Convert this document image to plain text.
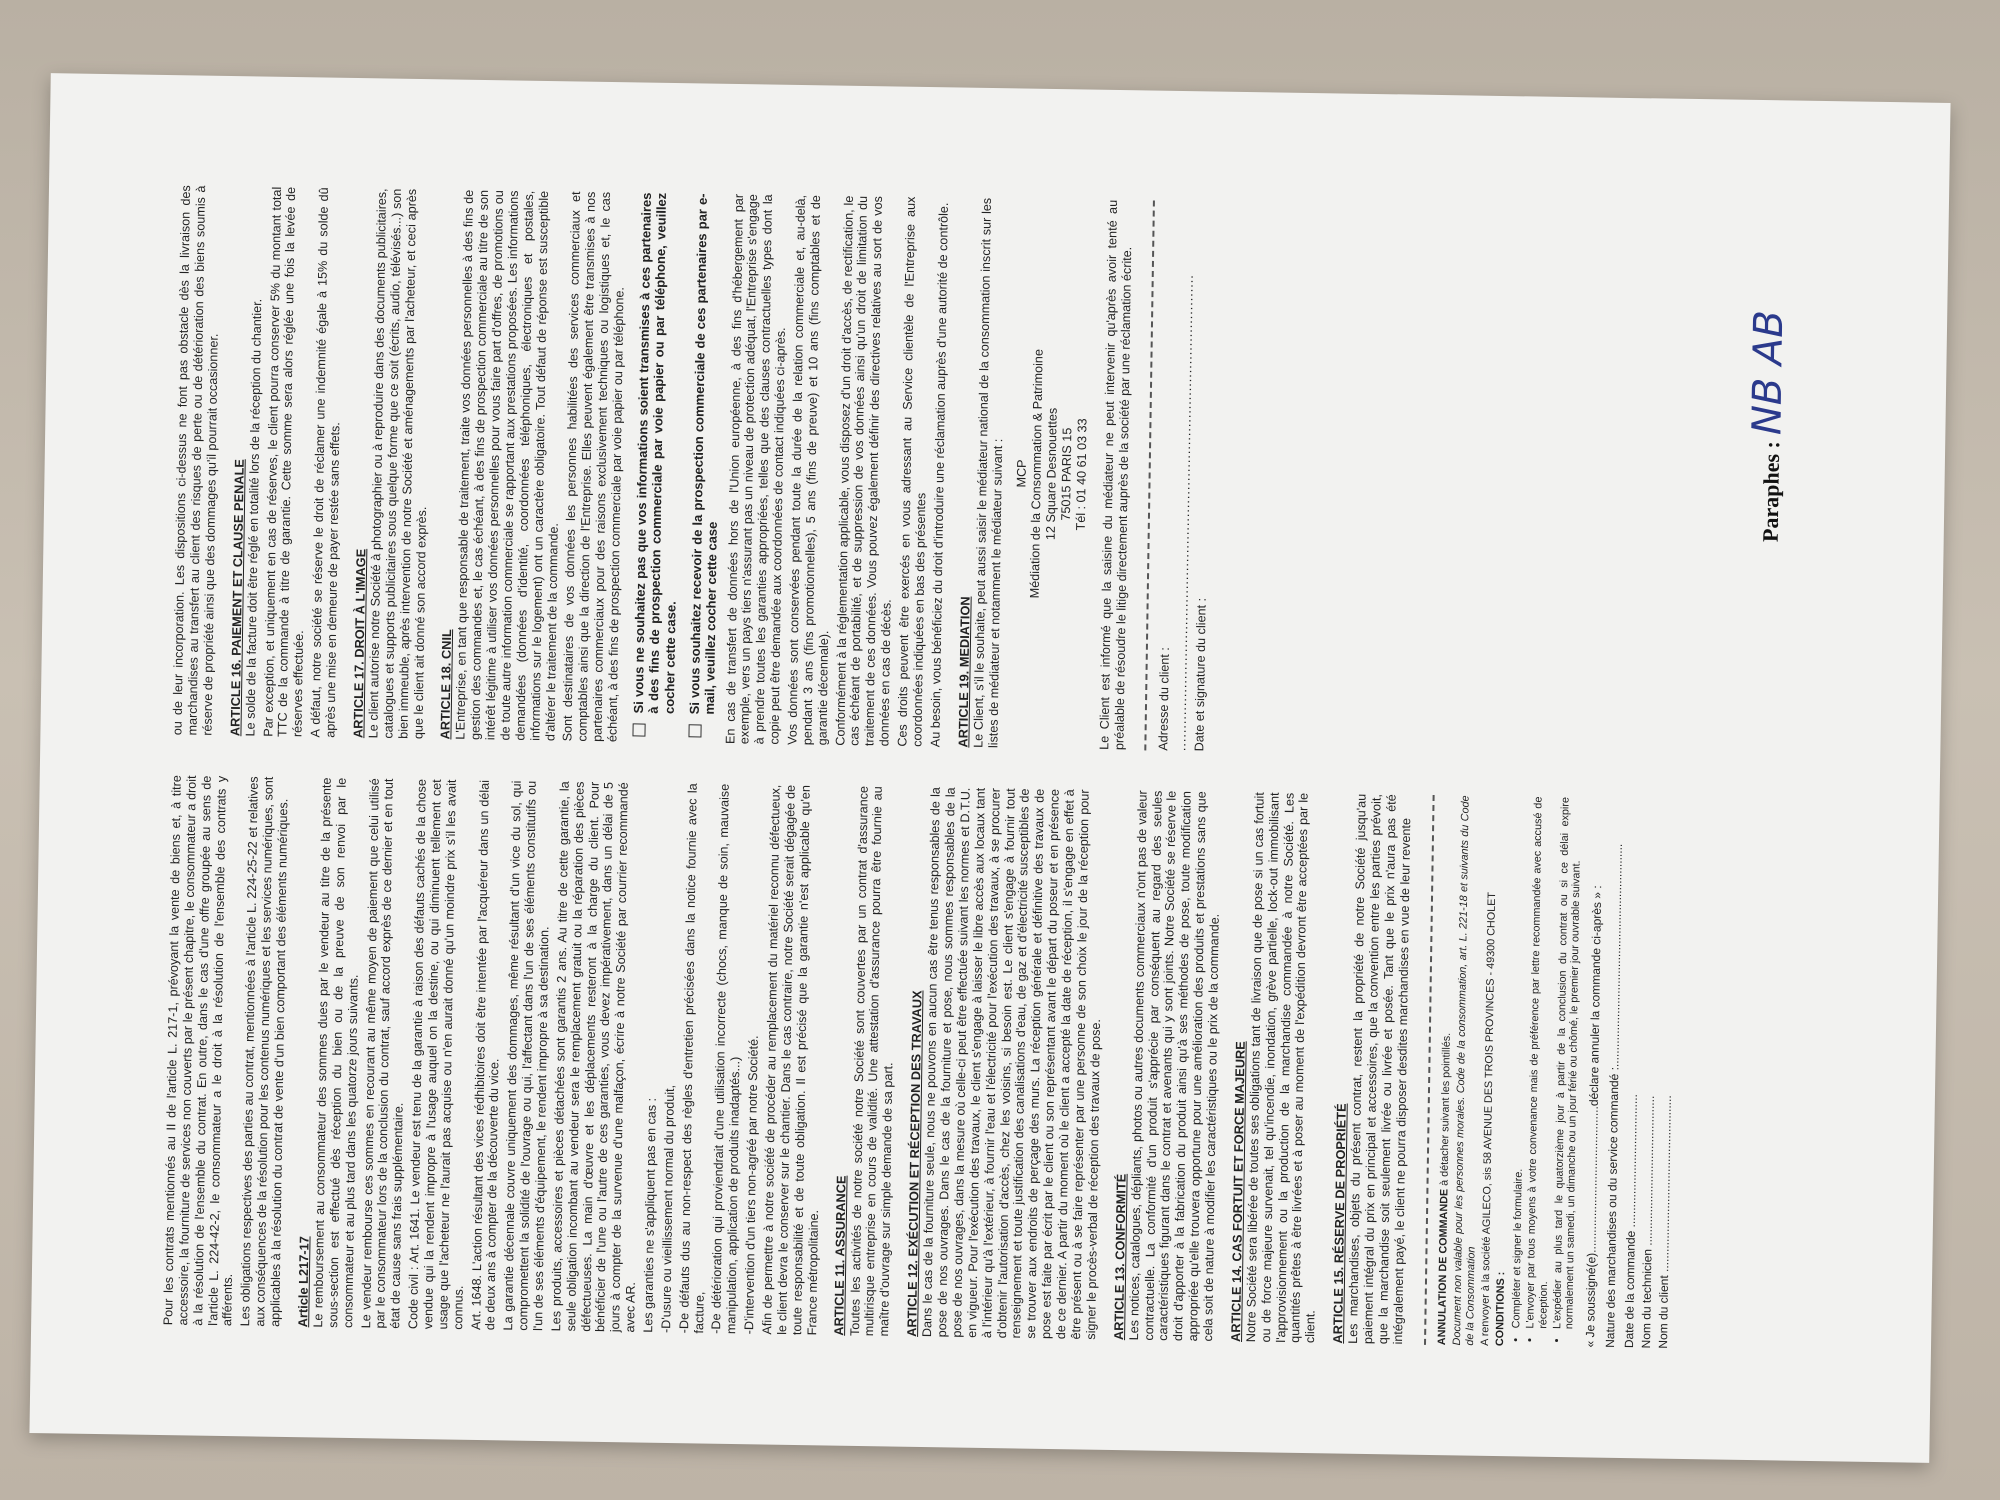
Pour les contrats mentionnés au II de l'article L. 217-1, prévoyant la vente de biens et, à titre accessoire, la fourniture de services non couverts par le présent chapitre, le consommateur a droit à la résolution de l'ensemble du contrat. En outre, dans le cas d'une offre groupée au sens de l'article L. 224-42-2, le consommateur a le droit à la résolution de l'ensemble des contrats y afférents. Les obligations respectives des parties au contrat, mentionnées à l'article L. 224-25-22 et relatives aux conséquences de la résolution pour les contenus numériques et les services numériques, sont applicables à la résolution du contrat de vente d'un bien comportant des éléments numériques. Article L217-17 Le remboursement au consommateur des sommes dues par le vendeur au titre de la présente sous-section est effectué dès réception du bien ou de la preuve de son renvoi par le consommateur et au plus tard dans les quatorze jours suivants.

Le vendeur rembourse ces sommes en recourant au même moyen de paiement que celui utilisé par le consommateur lors de la conclusion du contrat, sauf accord exprès de ce dernier et en tout état de cause sans frais supplémentaire. Code civil : Art. 1641. Le vendeur est tenu de la garantie à raison des défauts cachés de la chose vendue qui la rendent impropre à l'usage auquel on la destine, ou qui diminuent tellement cet usage que l'acheteur ne l'aurait pas acquise ou n'en aurait donné qu'un moindre prix s'il les avait connus. Art. 1648. L'action résultant des vices rédhibitoires doit être intentée par l'acquéreur dans un délai de deux ans à compter de la découverte du vice. La garantie décennale couvre uniquement des dommages, même résultant d'un vice du sol, qui compromettent la solidité de l'ouvrage ou qui, l'affectant dans l'un de ses éléments constitutifs ou l'un de ses éléments d'équipement, le rendent impropre à sa destination.

Les produits, accessoires et pièces détachées sont garantis 2 ans. Au titre de cette garantie, la seule obligation incombant au vendeur sera le remplacement gratuit ou la réparation des pièces défectueuses. La main d'œuvre et les déplacements resteront à la charge du client. Pour bénéficier de l'une ou l'autre de ces garanties, vous devez impérativement, dans un délai de 5 jours à compter de la survenue d'une malfaçon, écrire à notre Société par courrier recommandé avec AR. Les garanties ne s'appliquent pas en cas : -D'usure ou vieillissement normal du produit, -De défauts dus au non-respect des règles d'entretien précisées dans la notice fournie avec la facture, -De détérioration qui proviendrait d'une utilisation incorrecte (chocs, manque de soin, mauvaise manipulation, application de produits inadaptés...) -D'intervention d'un tiers non-agréé par notre Société. Afin de permettre à notre société de procéder au remplacement du matériel reconnu défectueux, le client devra le conserver sur le chantier. Dans le cas contraire, notre Société serait dégagée de toute responsabilité et de toute obligation. Il est précisé que la garantie n'est applicable qu'en France métropolitaine. ARTICLE 11. ASSURANCE

Toutes les activités de notre société notre Société sont couvertes par un contrat d'assurance multirisque entreprise en cours de validité. Une attestation d'assurance pourra être fournie au maître d'ouvrage sur simple demande de sa part. ARTICLE 12. EXÉCUTION ET RÉCEPTION DES TRAVAUX

Dans le cas de la fourniture seule, nous ne pouvons en aucun cas être tenus responsables de la pose de nos ouvrages. Dans le cas de la fourniture et pose, nous sommes responsables de la pose de nos ouvrages, dans la mesure où celle-ci peut être effectuée suivant les normes et D.T.U. en vigueur. Pour l'exécution des travaux, le client s'engage à laisser le libre accès aux locaux tant à l'intérieur qu'à l'extérieur, à fournir l'eau et l'électricité pour l'exécution des travaux, à se procurer d'obtenir l'autorisation d'accès, chez les voisins, si besoin est. Le client s'engage à fournir tout renseignement et toute justification des canalisations d'eau, de gaz et d'électricité susceptibles de se trouver aux endroits de perçage des murs. La réception générale et définitive des travaux de pose est faite par écrit par le client ou son représentant avant le départ du poseur et en présence de ce dernier. A partir du moment où le client a accepté la date de réception, il s'engage en effet à être présent ou à se faire représenter par une personne de son choix le jour de la réception pour signer le procès-verbal de réception des travaux de pose. ARTICLE 13. CONFORMITÉ

Les notices, catalogues, dépliants, photos ou autres documents commerciaux n'ont pas de valeur contractuelle. La conformité d'un produit s'apprécie par conséquent au regard des seules caractéristiques figurant dans le contrat et avenants qui y sont joints. Notre Société se réserve le droit d'apporter à la fabrication du produit ainsi qu'à ses méthodes de pose, toute modification appropriée qu'elle trouvera opportune pour une amélioration des produits et prestations sans que cela soit de nature à modifier les caractéristiques ou le prix de la commande. ARTICLE 14. CAS FORTUIT ET FORCE MAJEURE

Notre Société sera libérée de toutes ses obligations tant de livraison que de pose si un cas fortuit ou de force majeure survenait, tel qu'incendie, inondation, grève partielle, lock-out immobilisant l'approvisionnement ou la production de la marchandise commandée à notre Société. Les quantités prêtes à être livrées et à poser au moment de l'expédition devront être acceptées par le client. ARTICLE 15. RÉSERVE DE PROPRIÉTÉ

Les marchandises, objets du présent contrat, restent la propriété de notre Société jusqu'au paiement intégral du prix en principal et accessoires, que la convention entre les parties prévoit, que la marchandise soit seulement livrée ou livrée et posée. Tant que le prix n'aura pas été intégralement payé, le client ne pourra disposer desdites marchandises en vue de leur revente ANNULATION DE COMMANDE à détacher suivant les pointillés.

Document non valable pour les personnes morales. Code de la consommation, art. L. 221-18 et suivants du Code de la Consommation A renvoyer à la société AGILECO, sis 58 AVENUE DES TROIS PROVINCES - 49300 CHOLET

CONDITIONS : • Compléter et signer le formulaire. • L'envoyer par tous moyens à votre convenance mais de préférence par lettre recommandée avec accusé de réception. • L'expédier au plus tard le quatorzième jour à partir de la conclusion du contrat ou si ce délai expire normalement un samedi, un dimanche ou un jour férié ou chômé, le premier jour ouvrable suivant. « Je soussigné(e)............................................déclare annuler la commande ci-après » :

Nature des marchandises ou du service commandé :...................................................................

Date de la commande ........................................

Nom du technicien .............................................

Nom du client .....................................................

ou de leur incorporation. Les dispositions ci-dessus ne font pas obstacle dès la livraison des marchandises au transfert au client des risques de perte ou de détérioration des biens soumis à réserve de propriété ainsi que des dommages qu'il pourrait occasionner. ARTICLE 16. PAIEMENT ET CLAUSE PENALE

Le solde de la facture doit être réglé en totalité lors de la réception du chantier.

Par exception, et uniquement en cas de réserves, le client pourra conserver 5% du montant total TTC de la commande à titre de garantie. Cette somme sera alors réglée une fois la levée de réserves effectuée. A défaut, notre société se réserve le droit de réclamer une indemnité égale à 15% du solde dû après une mise en demeure de payer restée sans effets. ARTICLE 17. DROIT À L'IMAGE

Le client autorise notre Société à photographier ou à reproduire dans des documents publicitaires, catalogues et supports publicitaires sous quelque forme que ce soit (écrits, audio, télévisés...) son bien immeuble, après intervention de notre Société et aménagements par l'acheteur, et ceci après que le client ait donné son accord exprès. ARTICLE 18. CNIL L'Entreprise, en tant que responsable de traitement, traite vos données personnelles à des fins de gestion des commandes et, le cas échéant, à des fins de prospection commerciale au titre de son intérêt légitime à utiliser vos données personnelles pour vous faire part d'offres, de promotions ou de toute autre information commerciale se rapportant aux prestations proposées. Les informations demandées (données d'identité, coordonnées téléphoniques, électroniques et postales, informations sur le logement) ont un caractère obligatoire. Tout défaut de réponse est susceptible d'altérer le traitement de la commande. Sont destinataires de vos données les personnes habilitées des services commerciaux et comptables ainsi que la direction de l'Entreprise. Elles peuvent également être transmises à nos partenaires commerciaux pour des raisons exclusivement techniques ou logistiques et, le cas échéant, à des fins de prospection commerciale par voie papier ou par téléphone. Si vous ne souhaitez pas que vos informations soient transmises à ces partenaires à des fins de prospection commerciale par voie papier ou par téléphone, veuillez cocher cette case. Si vous souhaitez recevoir de la prospection commerciale de ces partenaires par e-mail, veuillez cocher cette case En cas de transfert de données hors de l'Union européenne, à des fins d'hébergement par exemple, vers un pays tiers n'assurant pas un niveau de protection adéquat, l'Entreprise s'engage à prendre toutes les garanties appropriées, telles que des clauses contractuelles types dont la copie peut être demandée aux coordonnées de contact indiquées ci-après.

Vos données sont conservées pendant toute la durée de la relation commerciale et, au-delà, pendant 3 ans (fins promotionnelles), 5 ans (fins de preuve) et 10 ans (fins comptables et de garantie décennale). Conformément à la réglementation applicable, vous disposez d'un droit d'accès, de rectification, le cas échéant de portabilité, et de suppression de vos données ainsi qu'un droit de limitation du traitement de ces données. Vous pouvez également définir des directives relatives au sort de vos données en cas de décès. Ces droits peuvent être exercés en vous adressant au Service clientèle de l'Entreprise aux coordonnées indiquées en bas des présentes Au besoin, vous bénéficiez du droit d'introduire une réclamation auprès d'une autorité de contrôle. ARTICLE 19. MEDIATION

Le Client, s'il le souhaite, peut aussi saisir le médiateur national de la consommation inscrit sur les listes de médiateur et notamment le médiateur suivant : MCP
Médiation de la Consommation & Patrimoine
12 Square Desnouettes 75015 PARIS 15 Tél : 01 40 61 03 33 Le Client est informé que la saisine du médiateur ne peut intervenir qu'après avoir tenté au préalable de résoudre le litige directement auprès de la société par une réclamation écrite. Adresse du client : ..........................................................................................................

Date et signature du client :

Paraphes :
NB AB
